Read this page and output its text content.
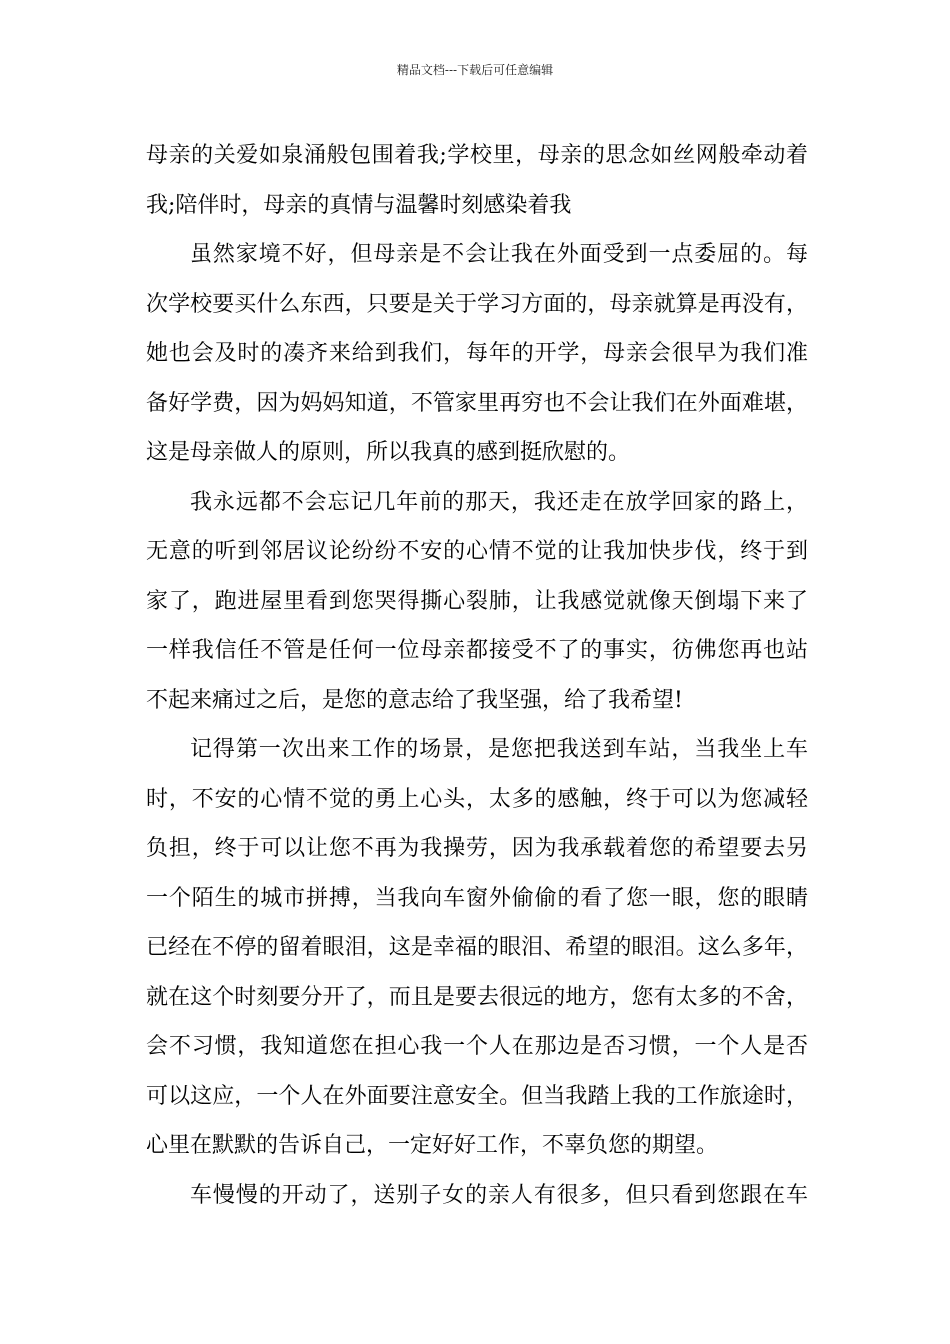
精品文档---下载后可任意编辑
母亲的关爱如泉涌般包围着我;学校里，母亲的思念如丝网般牵动着
我;陪伴时，母亲的真情与温馨时刻感染着我
虽然家境不好，但母亲是不会让我在外面受到一点委屈的。每
次学校要买什么东西，只要是关于学习方面的，母亲就算是再没有，
她也会及时的凑齐来给到我们，每年的开学，母亲会很早为我们准
备好学费，因为妈妈知道，不管家里再穷也不会让我们在外面难堪，
这是母亲做人的原则，所以我真的感到挺欣慰的。
我永远都不会忘记几年前的那天，我还走在放学回家的路上，
无意的听到邻居议论纷纷不安的心情不觉的让我加快步伐，终于到
家了，跑进屋里看到您哭得撕心裂肺，让我感觉就像天倒塌下来了
一样我信任不管是任何一位母亲都接受不了的事实，彷佛您再也站
不起来痛过之后，是您的意志给了我坚强，给了我希望!
记得第一次出来工作的场景，是您把我送到车站，当我坐上车
时，不安的心情不觉的勇上心头，太多的感触，终于可以为您减轻
负担，终于可以让您不再为我操劳，因为我承载着您的希望要去另
一个陌生的城市拼搏，当我向车窗外偷偷的看了您一眼，您的眼睛
已经在不停的留着眼泪，这是幸福的眼泪、希望的眼泪。这么多年，
就在这个时刻要分开了，而且是要去很远的地方，您有太多的不舍，
会不习惯，我知道您在担心我一个人在那边是否习惯，一个人是否
可以这应，一个人在外面要注意安全。但当我踏上我的工作旅途时，
心里在默默的告诉自己，一定好好工作，不辜负您的期望。
车慢慢的开动了，送别子女的亲人有很多，但只看到您跟在车
